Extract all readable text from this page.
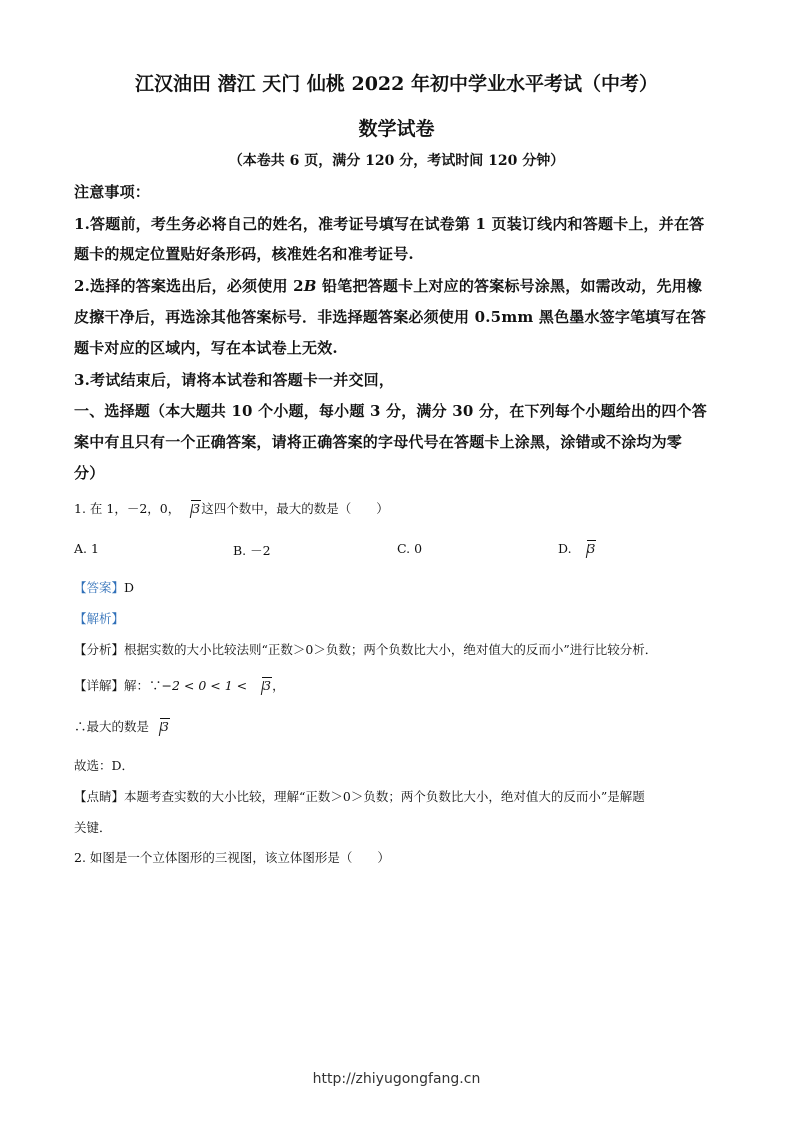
江汉油田 潜江 天门 仙桃 2022 年初中学业水平考试（中考）
数学试卷
（本卷共 6 页，满分 120 分，考试时间 120 分钟）
注意事项：
1.答题前，考生务必将自己的姓名，准考证号填写在试卷第 1 页装订线内和答题卡上，并在答
题卡的规定位置贴好条形码，核准姓名和准考证号.
2.选择的答案选出后，必须使用 2B 铅笔把答题卡上对应的答案标号涂黑，如需改动，先用橡
皮擦干净后，再选涂其他答案标号．非选择题答案必须使用 0.5mm 黑色墨水签字笔填写在答
题卡对应的区域内，写在本试卷上无效.
3.考试结束后，请将本试卷和答题卡一并交回，
一、选择题（本大题共 10 个小题，每小题 3 分，满分 30 分，在下列每个小题给出的四个答
案中有且只有一个正确答案，请将正确答案的字母代号在答题卡上涂黑，涂错或不涂均为零
分）
1. 在 1，－2，0， 3这四个数中，最大的数是（　　）
A. 1	B. －2	C. 0	D. 3
【答案】D
【解析】
【分析】根据实数的大小比较法则“正数＞0＞负数；两个负数比大小，绝对值大的反而小”进行比较分析．
【详解】解：∵−2 < 0 < 1 < 3，
∴最大的数是 3
故选：D．
【点睛】本题考查实数的大小比较，理解“正数＞0＞负数；两个负数比大小，绝对值大的反而小”是解题
关键．
2. 如图是一个立体图形的三视图，该立体图形是（　　）
http://zhiyugongfang.cn
